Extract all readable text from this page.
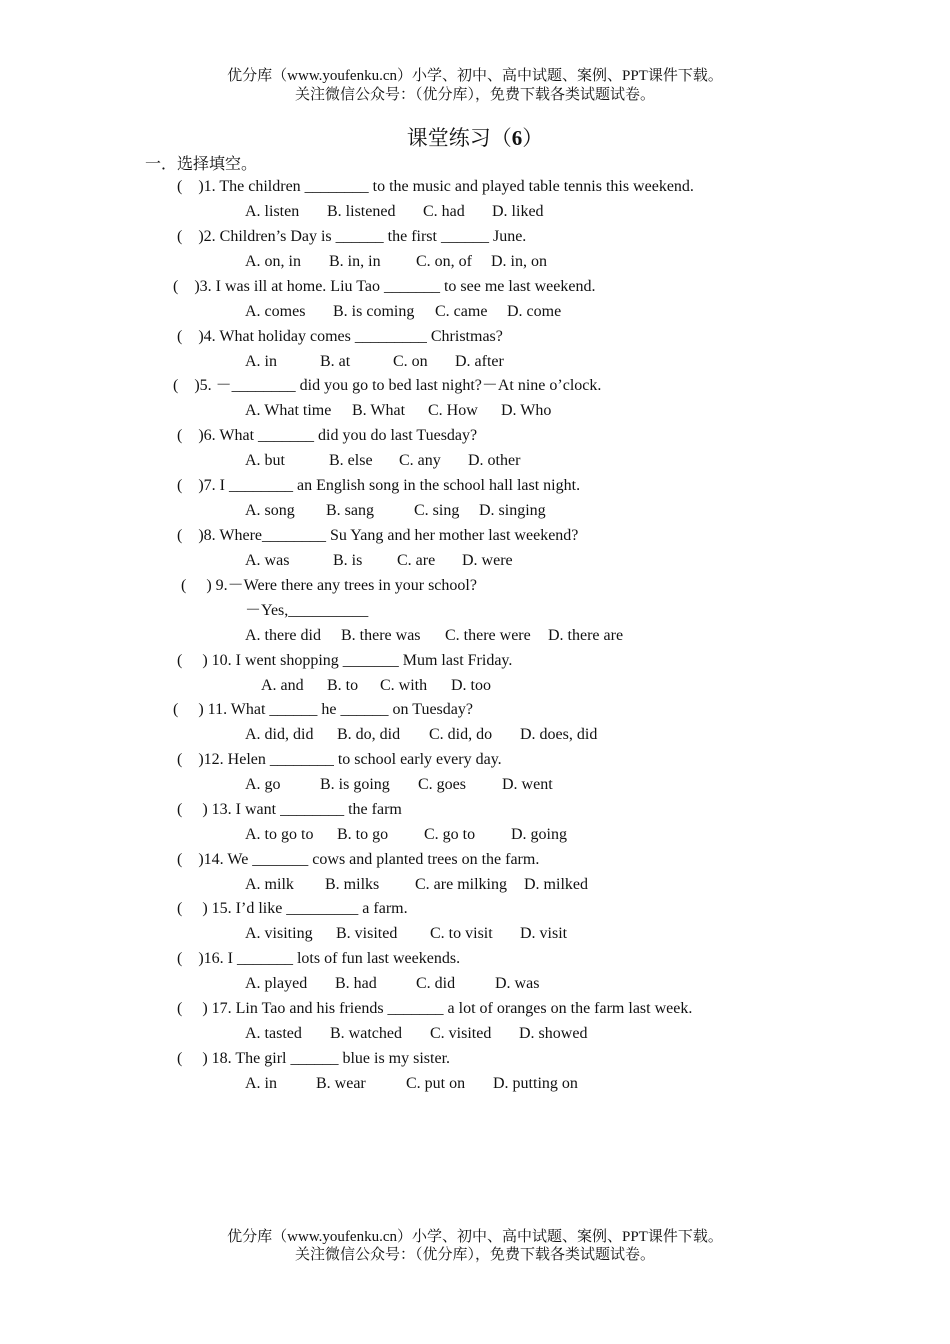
优分库（www.youfenku.cn）小学、初中、高中试题、案例、PPT课件下载。
关注微信公众号：（优分库），免费下载各类试题试卷。
课堂练习（6）
一．选择填空。
(    )1. The children ________ to the music and played table tennis this weekend.
A. listen B. listened C. had D. liked
(    )2. Children’s Day is ______ the first ______ June.
A. on, in B. in, in C. on, of D. in, on
(    )3. I was ill at home. Liu Tao _______ to see me last weekend.
A. comes B. is coming C. came D. come
(    )4. What holiday comes _________ Christmas?
A. in	B. at	C. on D. after
(    )5. －________ did you go to bed last night?－At nine o’clock.
A. What time B. What C. How D. Who
(    )6. What _______ did you do last Tuesday?
A. but	B. else C. any D. other
(    )7. I ________ an English song in the school hall last night.
A. song B. sang	C. sing D. singing
(    )8. Where________ Su Yang and her mother last weekend?
A. was	B. is C. are D. were
(     ) 9.－Were there any trees in your school?
－Yes,__________
A. there did B. there was C. there were D. there are
(     ) 10. I went shopping _______ Mum last Friday.
A. and B. to C. with D. too
(     ) 11. What ______ he ______ on Tuesday?
A. did, did B. do, did C. did, do D. does, did
(    )12. Helen ________ to school early every day.
A. go B. is going C. goes D. went
(     ) 13. I want ________ the farm
A. to go to B. to go C. go to D. going
(    )14. We _______ cows and planted trees on the farm.
A. milk B. milks C. are milking D. milked
(     ) 15. I’d like _________ a farm.
A. visiting B. visited C. to visit D. visit
(    )16. I _______ lots of fun last weekends.
A. played B. had C. did D. was
(     ) 17. Lin Tao and his friends _______ a lot of oranges on the farm last week.
A. tasted B. watched C. visited D. showed
(     ) 18. The girl ______ blue is my sister.
A. in B. wear	C. put on D. putting on
优分库（www.youfenku.cn）小学、初中、高中试题、案例、PPT课件下载。
关注微信公众号：（优分库），免费下载各类试题试卷。
